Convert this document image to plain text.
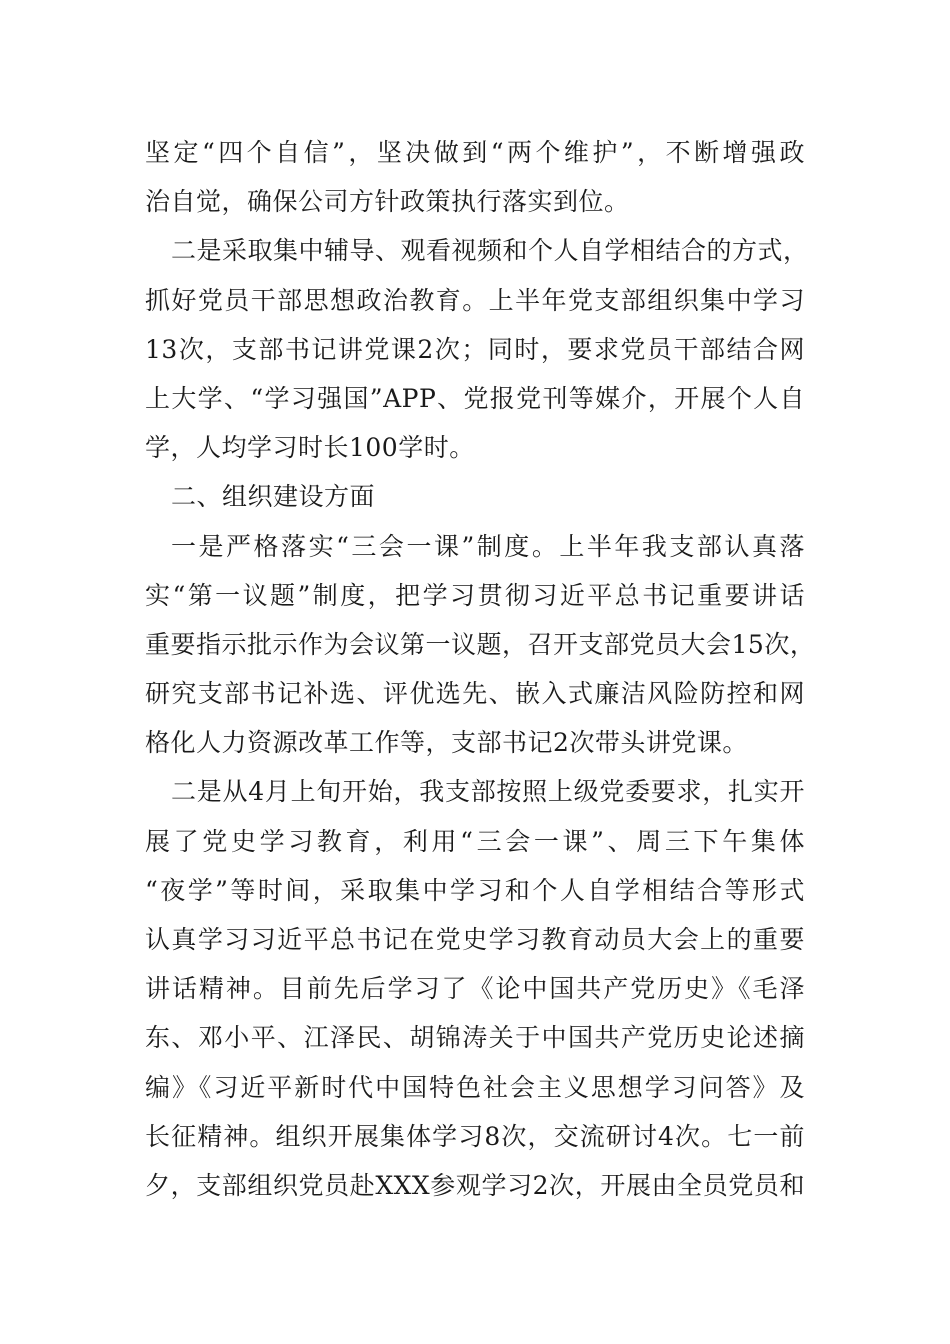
坚定“四个自信”，坚决做到“两个维护”，不断增强政
治自觉，确保公司方针政策执行落实到位。
二是采取集中辅导、观看视频和个人自学相结合的方式，
抓好党员干部思想政治教育。上半年党支部组织集中学习
13次，支部书记讲党课2次；同时，要求党员干部结合网
上大学、“学习强国”APP、党报党刊等媒介，开展个人自
学，人均学习时长100学时。
二、组织建设方面
一是严格落实“三会一课”制度。上半年我支部认真落
实“第一议题”制度，把学习贯彻习近平总书记重要讲话
重要指示批示作为会议第一议题，召开支部党员大会15次，
研究支部书记补选、评优选先、嵌入式廉洁风险防控和网
格化人力资源改革工作等，支部书记2次带头讲党课。
二是从4月上旬开始，我支部按照上级党委要求，扎实开
展了党史学习教育，利用“三会一课”、周三下午集体
“夜学”等时间，采取集中学习和个人自学相结合等形式
认真学习习近平总书记在党史学习教育动员大会上的重要
讲话精神。目前先后学习了《论中国共产党历史》《毛泽
东、邓小平、江泽民、胡锦涛关于中国共产党历史论述摘
编》《习近平新时代中国特色社会主义思想学习问答》及
长征精神。组织开展集体学习8次，交流研讨4次。七一前
夕，支部组织党员赴XXX参观学习2次，开展由全员党员和
